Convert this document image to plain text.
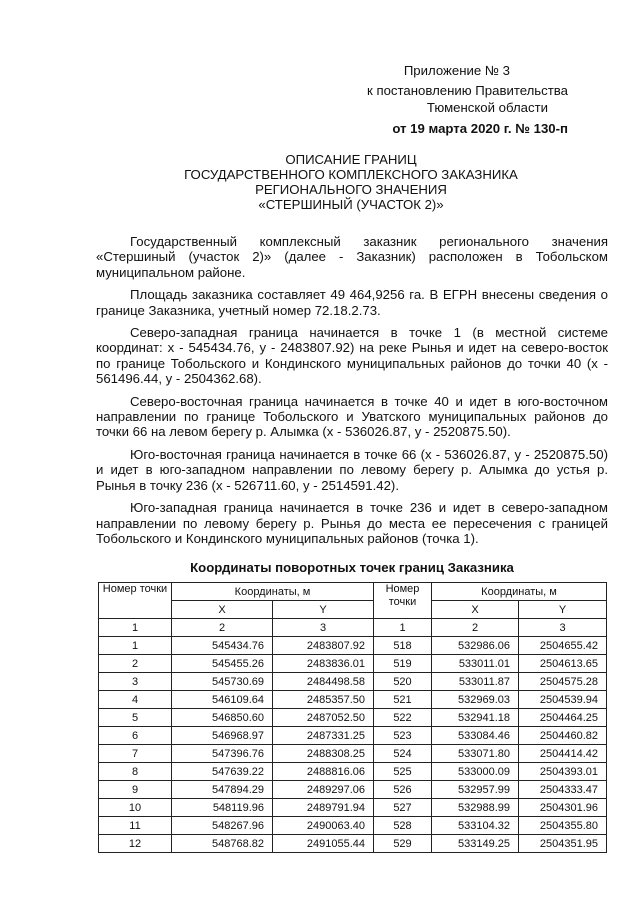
Приложение № 3
к постановлению Правительства
Тюменской области
от 19 марта 2020 г. № 130-п
ОПИСАНИЕ ГРАНИЦ
ГОСУДАРСТВЕННОГО КОМПЛЕКСНОГО ЗАКАЗНИКА
РЕГИОНАЛЬНОГО ЗНАЧЕНИЯ
«СТЕРШИНЫЙ (УЧАСТОК 2)»

Государственный комплексный заказник регионального значения «Стершиный (участок 2)» (далее - Заказник) расположен в Тобольском муниципальном районе.

Площадь заказника составляет 49 464,9256 га. В ЕГРН внесены сведения о границе Заказника, учетный номер 72.18.2.73.

Северо-западная граница начинается в точке 1 (в местной системе координат: x - 545434.76, y - 2483807.92) на реке Рынья и идет на северо-восток по границе Тобольского и Кондинского муниципальных районов до точки 40 (x - 561496.44, y - 2504362.68).

Северо-восточная граница начинается в точке 40 и идет в юго-восточном направлении по границе Тобольского и Уватского муниципальных районов до точки 66 на левом берегу р. Алымка (x - 536026.87, y - 2520875.50).

Юго-восточная граница начинается в точке 66 (x - 536026.87, y - 2520875.50) и идет в юго-западном направлении по левому берегу р. Алымка до устья р. Рынья в точку 236 (x - 526711.60, y - 2514591.42).

Юго-западная граница начинается в точке 236 и идет в северо-западном направлении по левому берегу р. Рынья до места ее пересечения с границей Тобольского и Кондинского муниципальных районов (точка 1).

Координаты поворотных точек границ Заказника
Номер точки	Координаты, м		Номер точки	Координаты, м	
	X	Y		X	Y
1	2	3	1	2	3
1	545434.76	2483807.92	518	532986.06	2504655.42
2	545455.26	2483836.01	519	533011.01	2504613.65
3	545730.69	2484498.58	520	533011.87	2504575.28
4	546109.64	2485357.50	521	532969.03	2504539.94
5	546850.60	2487052.50	522	532941.18	2504464.25
6	546968.97	2487331.25	523	533084.46	2504460.82
7	547396.76	2488308.25	524	533071.80	2504414.42
8	547639.22	2488816.06	525	533000.09	2504393.01
9	547894.29	2489297.06	526	532957.99	2504333.47
10	548119.96	2489791.94	527	532988.99	2504301.96
11	548267.96	2490063.40	528	533104.32	2504355.80
12	548768.82	2491055.44	529	533149.25	2504351.95
